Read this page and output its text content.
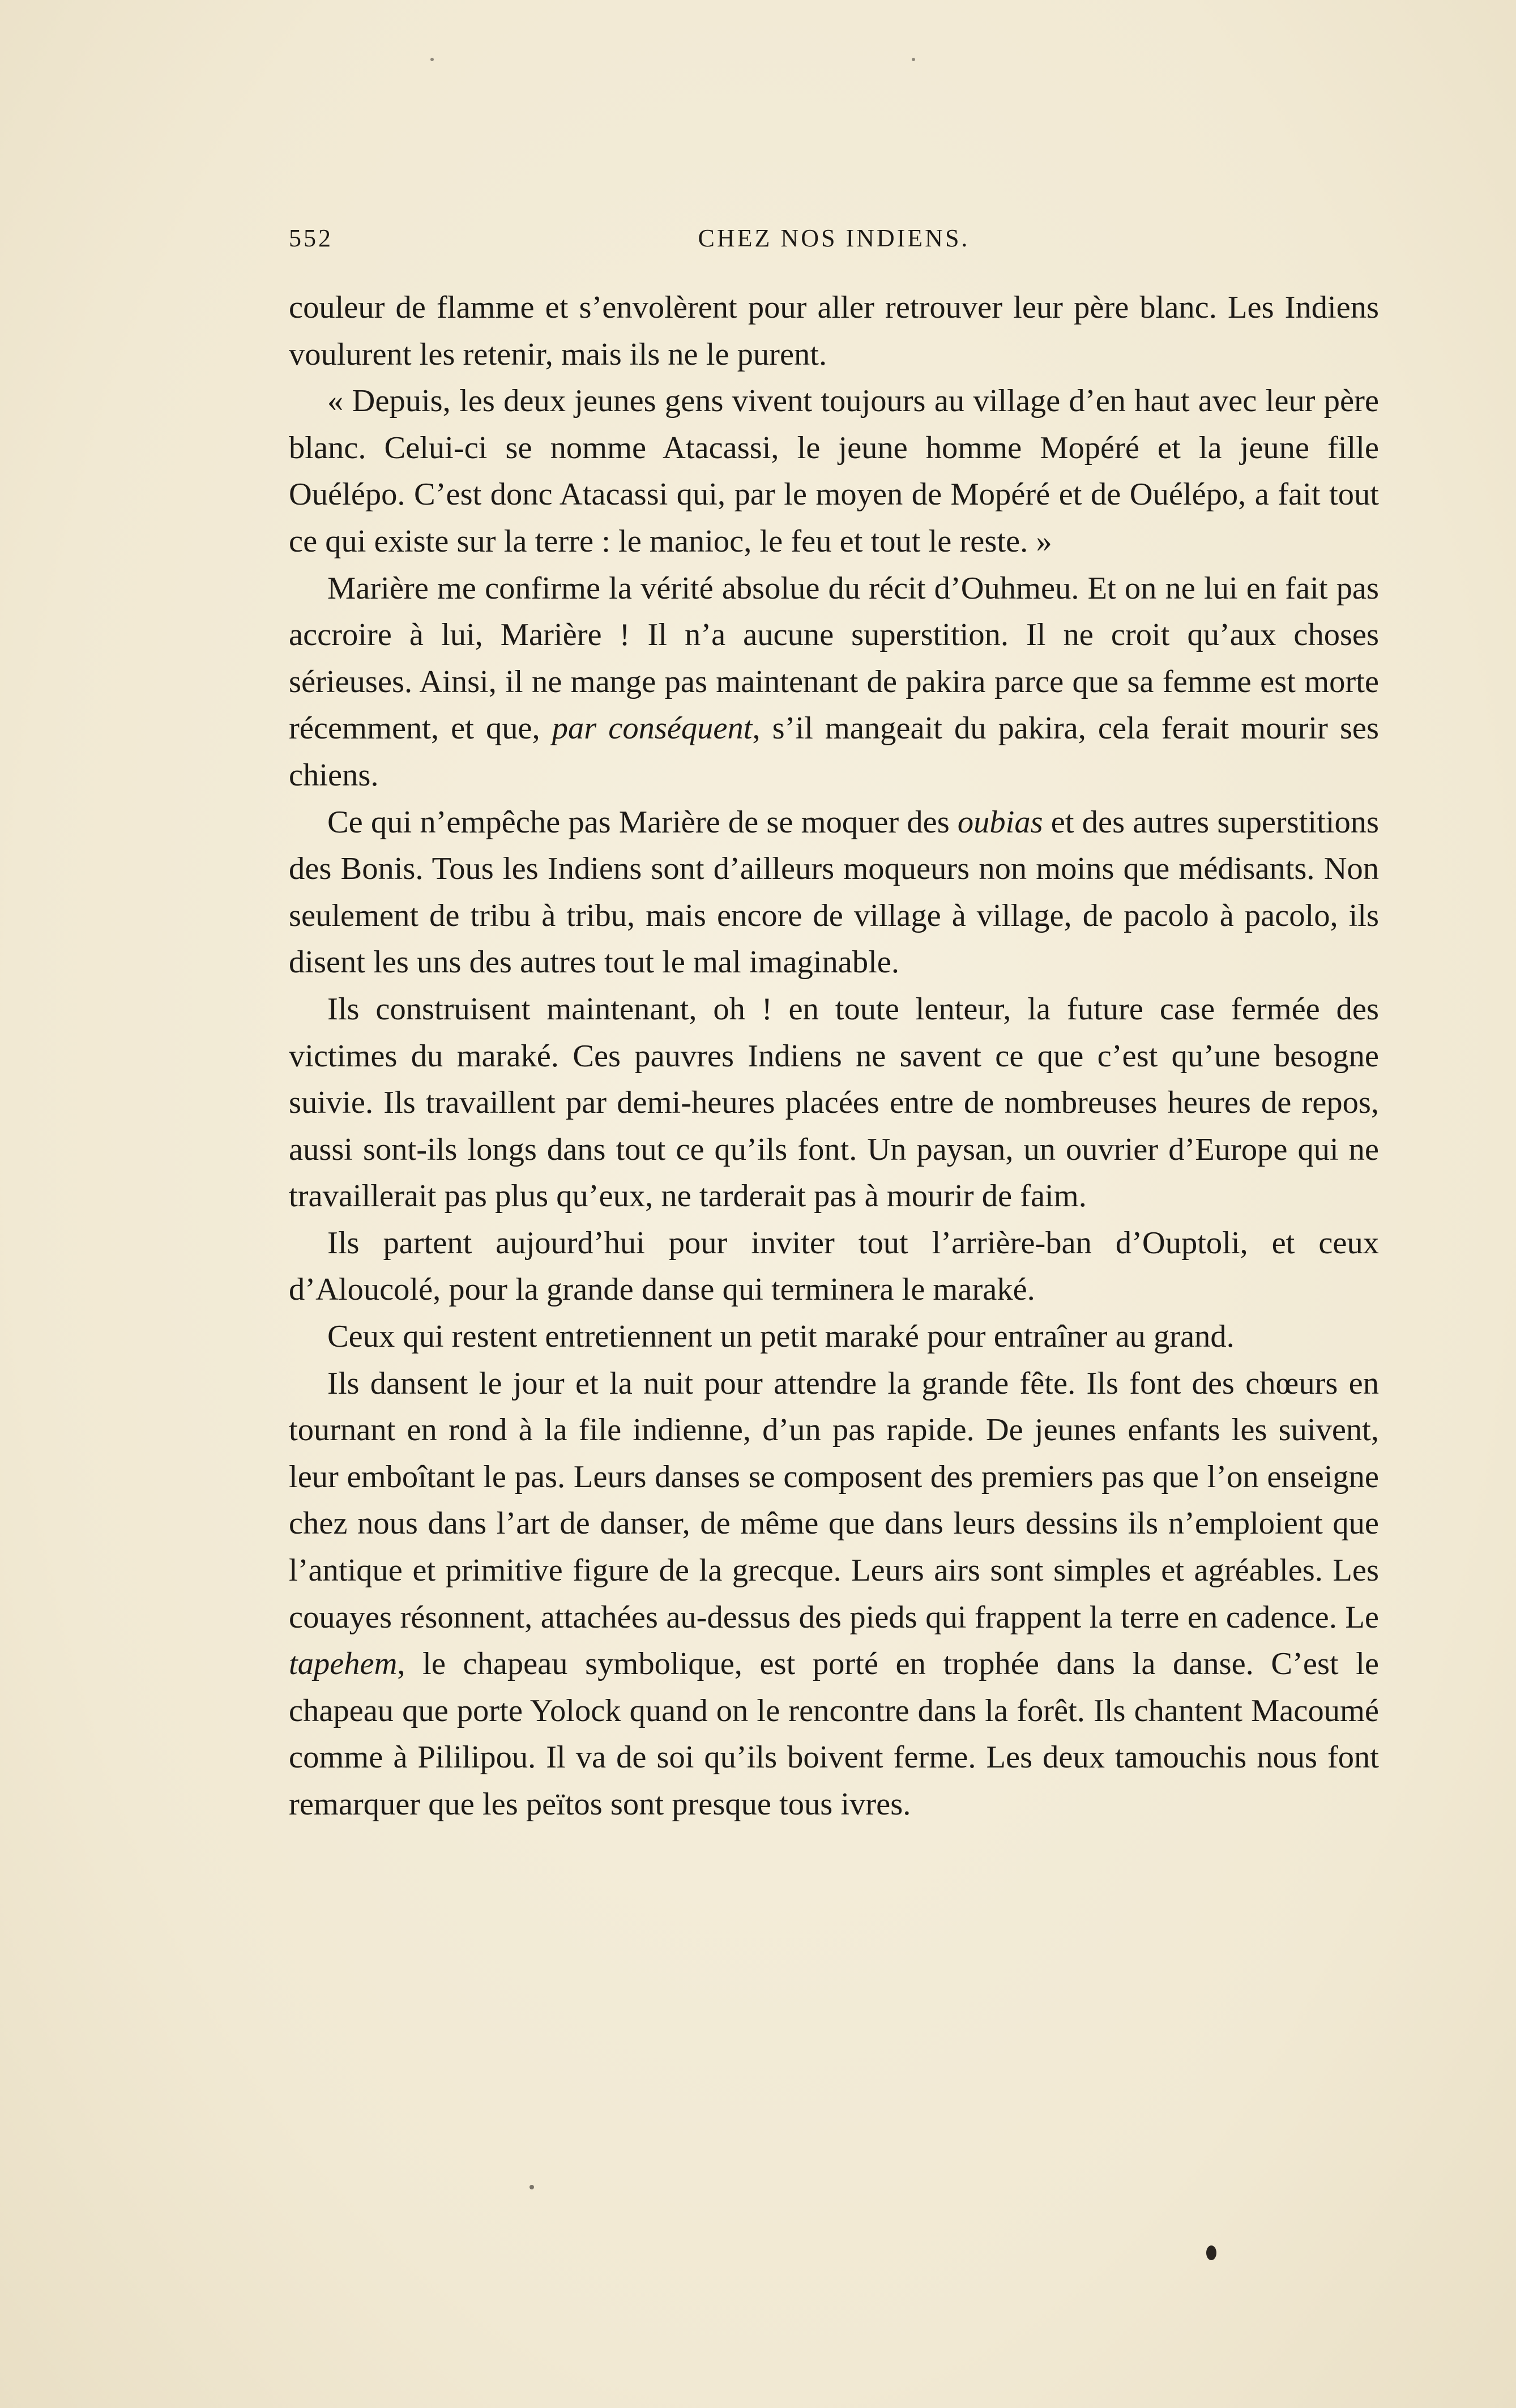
552	CHEZ NOS INDIENS.

couleur de flamme et s’envolèrent pour aller retrouver leur père blanc. Les Indiens voulurent les retenir, mais ils ne le purent.

« Depuis, les deux jeunes gens vivent toujours au village d’en haut avec leur père blanc. Celui-ci se nomme Atacassi, le jeune homme Mopéré et la jeune fille Ouélépo. C’est donc Atacassi qui, par le moyen de Mopéré et de Ouélépo, a fait tout ce qui existe sur la terre : le manioc, le feu et tout le reste. »

Marière me confirme la vérité absolue du récit d’Ouhmeu. Et on ne lui en fait pas accroire à lui, Marière ! Il n’a aucune superstition. Il ne croit qu’aux choses sérieuses. Ainsi, il ne mange pas maintenant de pakira parce que sa femme est morte récemment, et que, par conséquent, s’il mangeait du pakira, cela ferait mourir ses chiens.

Ce qui n’empêche pas Marière de se moquer des oubias et des autres superstitions des Bonis. Tous les Indiens sont d’ailleurs moqueurs non moins que médisants. Non seulement de tribu à tribu, mais encore de village à village, de pacolo à pacolo, ils disent les uns des autres tout le mal imaginable.

Ils construisent maintenant, oh ! en toute lenteur, la future case fermée des victimes du maraké. Ces pauvres Indiens ne savent ce que c’est qu’une besogne suivie. Ils travaillent par demi-heures placées entre de nombreuses heures de repos, aussi sont-ils longs dans tout ce qu’ils font. Un paysan, un ouvrier d’Europe qui ne travaillerait pas plus qu’eux, ne tarderait pas à mourir de faim.

Ils partent aujourd’hui pour inviter tout l’arrière-ban d’Ouptoli, et ceux d’Aloucolé, pour la grande danse qui terminera le maraké.

Ceux qui restent entretiennent un petit maraké pour entraîner au grand.

Ils dansent le jour et la nuit pour attendre la grande fête. Ils font des chœurs en tournant en rond à la file indienne, d’un pas rapide. De jeunes enfants les suivent, leur emboîtant le pas. Leurs danses se composent des premiers pas que l’on enseigne chez nous dans l’art de danser, de même que dans leurs dessins ils n’emploient que l’antique et primitive figure de la grecque. Leurs airs sont simples et agréables. Les couayes résonnent, attachées au-dessus des pieds qui frappent la terre en cadence. Le tapehem, le chapeau symbolique, est porté en trophée dans la danse. C’est le chapeau que porte Yolock quand on le rencontre dans la forêt. Ils chantent Macoumé comme à Pililipou. Il va de soi qu’ils boivent ferme. Les deux tamouchis nous font remarquer que les peïtos sont presque tous ivres.
